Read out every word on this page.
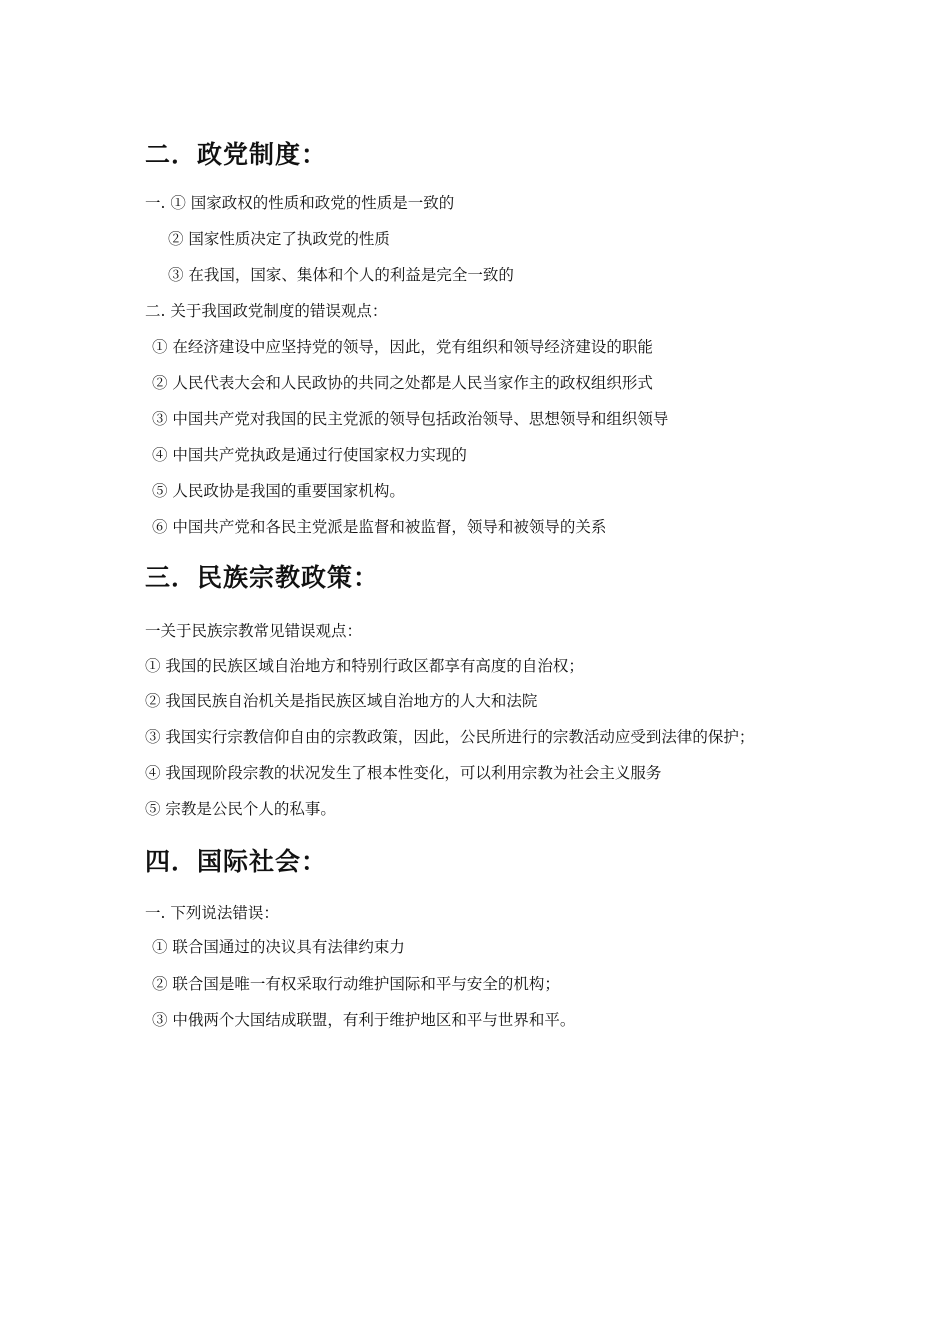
二．政党制度：
一. ① 国家政权的性质和政党的性质是一致的
② 国家性质决定了执政党的性质
③ 在我国，国家、集体和个人的利益是完全一致的
二. 关于我国政党制度的错误观点：
① 在经济建设中应坚持党的领导，因此，党有组织和领导经济建设的职能
② 人民代表大会和人民政协的共同之处都是人民当家作主的政权组织形式
③ 中国共产党对我国的民主党派的领导包括政治领导、思想领导和组织领导
④ 中国共产党执政是通过行使国家权力实现的
⑤ 人民政协是我国的重要国家机构。
⑥ 中国共产党和各民主党派是监督和被监督，领导和被领导的关系
三．民族宗教政策：
一关于民族宗教常见错误观点：
① 我国的民族区域自治地方和特别行政区都享有高度的自治权；
② 我国民族自治机关是指民族区域自治地方的人大和法院
③ 我国实行宗教信仰自由的宗教政策，因此，公民所进行的宗教活动应受到法律的保护；
④ 我国现阶段宗教的状况发生了根本性变化，可以利用宗教为社会主义服务
⑤ 宗教是公民个人的私事。
四．国际社会：
一. 下列说法错误：
① 联合国通过的决议具有法律约束力
② 联合国是唯一有权采取行动维护国际和平与安全的机构；
③ 中俄两个大国结成联盟，有利于维护地区和平与世界和平。
